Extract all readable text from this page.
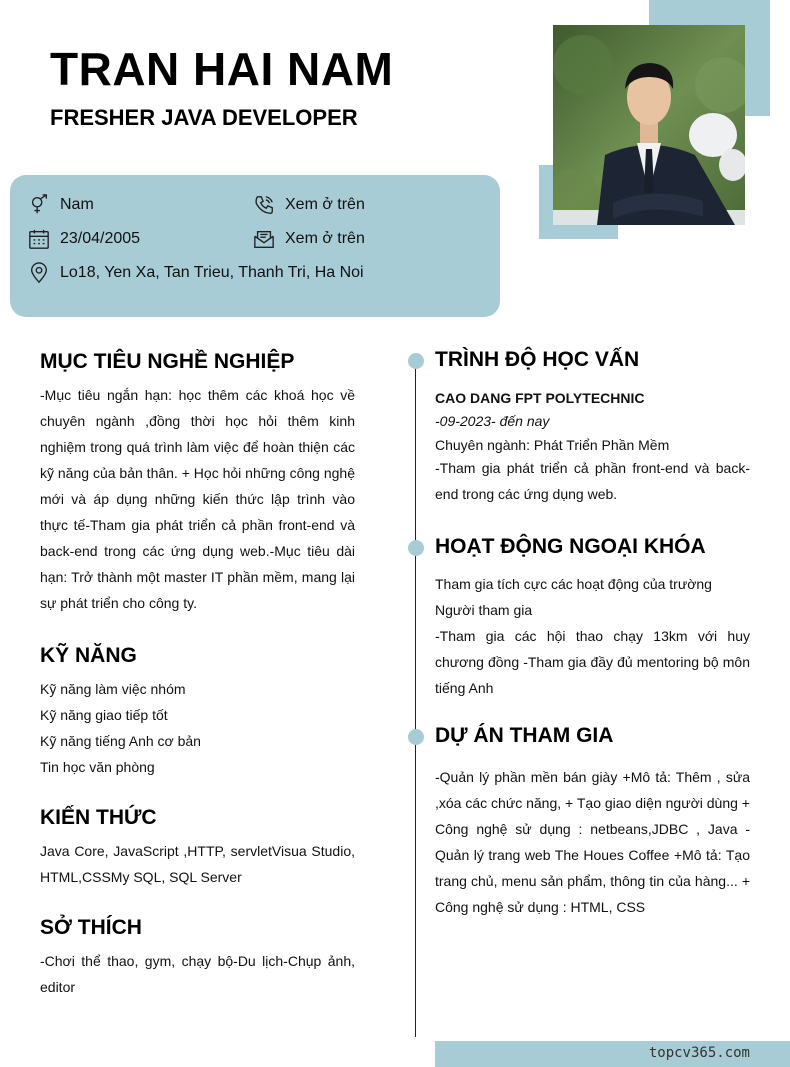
TRAN HAI NAM
FRESHER JAVA DEVELOPER
Nam	Xem ở trên
23/04/2005	Xem ở trên
Lo18, Yen Xa, Tan Trieu, Thanh Tri, Ha Noi
MỤC TIÊU NGHỀ NGHIỆP
-Mục tiêu ngắn hạn: học thêm các khoá học về chuyên ngành ,đồng thời học hỏi thêm kinh nghiệm trong quá trình làm việc để hoàn thiện các kỹ năng của bản thân. + Học hỏi những công nghệ mới và áp dụng những kiến thức lập trình vào thực tế-Tham gia phát triển cả phần front-end và back-end trong các ứng dụng web.-Mục tiêu dài hạn: Trở thành một master IT phần mềm, mang lại sự phát triển cho công ty.
KỸ NĂNG
Kỹ năng làm việc nhóm
Kỹ năng giao tiếp tốt
Kỹ năng tiếng Anh cơ bản
Tin học văn phòng
KIẾN THỨC
Java Core, JavaScript ,HTTP, servletVisua Studio, HTML,CSSMy SQL, SQL Server
SỞ THÍCH
-Chơi thể thao, gym, chạy bộ-Du lịch-Chụp ảnh, editor
TRÌNH ĐỘ HỌC VẤN
CAO DANG FPT POLYTECHNIC
-09-2023- đến nay
Chuyên ngành: Phát Triển Phần Mềm
-Tham gia phát triển cả phần front-end và back-end trong các ứng dụng web.
HOẠT ĐỘNG NGOẠI KHÓA
Tham gia tích cực các hoạt động của trường
Người tham gia
-Tham gia các hội thao chạy 13km với huy chương đồng -Tham gia đầy đủ mentoring bộ môn tiếng Anh
DỰ ÁN THAM GIA
-Quản lý phần mền bán giày +Mô tả: Thêm , sửa ,xóa các chức năng, + Tạo giao diện người dùng + Công nghệ sử dụng : netbeans,JDBC , Java -Quản lý trang web The Houes Coffee +Mô tả: Tạo trang chủ, menu sản phẩm, thông tin của hàng... + Công nghệ sử dụng : HTML, CSS
topcv365.com
